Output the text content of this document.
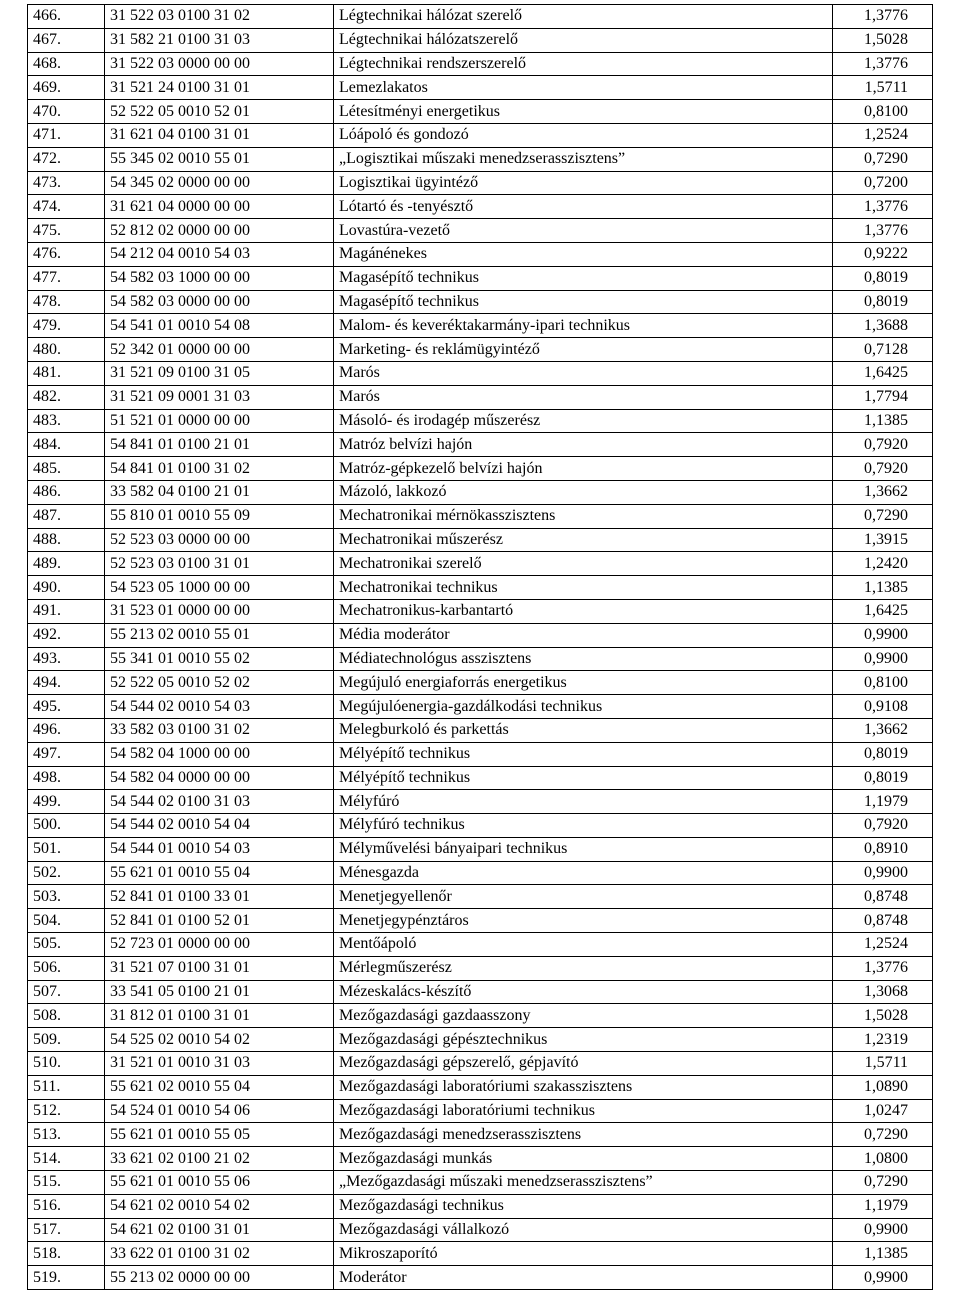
466.	31 522 03 0100 31 02	Légtechnikai hálózat szerelő	1,3776
467.	31 582 21 0100 31 03	Légtechnikai hálózatszerelő	1,5028
468.	31 522 03 0000 00 00	Légtechnikai rendszerszerelő	1,3776
469.	31 521 24 0100 31 01	Lemezlakatos	1,5711
470.	52 522 05 0010 52 01	Létesítményi energetikus	0,8100
471.	31 621 04 0100 31 01	Lóápoló és gondozó	1,2524
472.	55 345 02 0010 55 01	„Logisztikai műszaki menedzserasszisztens”	0,7290
473.	54 345 02 0000 00 00	Logisztikai ügyintéző	0,7200
474.	31 621 04 0000 00 00	Lótartó és -tenyésztő	1,3776
475.	52 812 02 0000 00 00	Lovastúra-vezető	1,3776
476.	54 212 04 0010 54 03	Magánénekes	0,9222
477.	54 582 03 1000 00 00	Magasépítő technikus	0,8019
478.	54 582 03 0000 00 00	Magasépítő technikus	0,8019
479.	54 541 01 0010 54 08	Malom- és keveréktakarmány-ipari technikus	1,3688
480.	52 342 01 0000 00 00	Marketing- és reklámügyintéző	0,7128
481.	31 521 09 0100 31 05	Marós	1,6425
482.	31 521 09 0001 31 03	Marós	1,7794
483.	51 521 01 0000 00 00	Másoló- és irodagép műszerész	1,1385
484.	54 841 01 0100 21 01	Matróz belvízi hajón	0,7920
485.	54 841 01 0100 31 02	Matróz-gépkezelő belvízi hajón	0,7920
486.	33 582 04 0100 21 01	Mázoló, lakkozó	1,3662
487.	55 810 01 0010 55 09	Mechatronikai mérnökasszisztens	0,7290
488.	52 523 03 0000 00 00	Mechatronikai műszerész	1,3915
489.	52 523 03 0100 31 01	Mechatronikai szerelő	1,2420
490.	54 523 05 1000 00 00	Mechatronikai technikus	1,1385
491.	31 523 01 0000 00 00	Mechatronikus-karbantartó	1,6425
492.	55 213 02 0010 55 01	Média moderátor	0,9900
493.	55 341 01 0010 55 02	Médiatechnológus asszisztens	0,9900
494.	52 522 05 0010 52 02	Megújuló energiaforrás energetikus	0,8100
495.	54 544 02 0010 54 03	Megújulóenergia-gazdálkodási technikus	0,9108
496.	33 582 03 0100 31 02	Melegburkoló és parkettás	1,3662
497.	54 582 04 1000 00 00	Mélyépítő technikus	0,8019
498.	54 582 04 0000 00 00	Mélyépítő technikus	0,8019
499.	54 544 02 0100 31 03	Mélyfúró	1,1979
500.	54 544 02 0010 54 04	Mélyfúró technikus	0,7920
501.	54 544 01 0010 54 03	Mélyművelési bányaipari technikus	0,8910
502.	55 621 01 0010 55 04	Ménesgazda	0,9900
503.	52 841 01 0100 33 01	Menetjegyellenőr	0,8748
504.	52 841 01 0100 52 01	Menetjegypénztáros	0,8748
505.	52 723 01 0000 00 00	Mentőápoló	1,2524
506.	31 521 07 0100 31 01	Mérlegműszerész	1,3776
507.	33 541 05 0100 21 01	Mézeskalács-készítő	1,3068
508.	31 812 01 0100 31 01	Mezőgazdasági gazdaasszony	1,5028
509.	54 525 02 0010 54 02	Mezőgazdasági gépésztechnikus	1,2319
510.	31 521 01 0010 31 03	Mezőgazdasági gépszerelő, gépjavító	1,5711
511.	55 621 02 0010 55 04	Mezőgazdasági laboratóriumi szakasszisztens	1,0890
512.	54 524 01 0010 54 06	Mezőgazdasági laboratóriumi technikus	1,0247
513.	55 621 01 0010 55 05	Mezőgazdasági menedzserasszisztens	0,7290
514.	33 621 02 0100 21 02	Mezőgazdasági munkás	1,0800
515.	55 621 01 0010 55 06	„Mezőgazdasági műszaki menedzserasszisztens”	0,7290
516.	54 621 02 0010 54 02	Mezőgazdasági technikus	1,1979
517.	54 621 02 0100 31 01	Mezőgazdasági vállalkozó	0,9900
518.	33 622 01 0100 31 02	Mikroszaporító	1,1385
519.	55 213 02 0000 00 00	Moderátor	0,9900
